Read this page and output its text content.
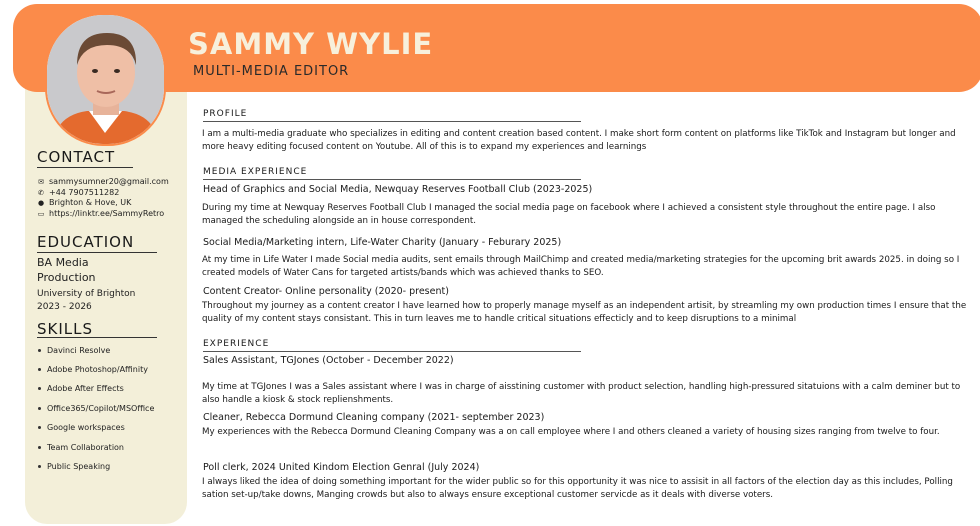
SAMMY WYLIE
MULTI-MEDIA EDITOR
CONTACT
✉ sammysumner20@gmail.com
✆ +44 7907511282
● Brighton & Hove, UK
▭ https://linktr.ee/SammyRetro
EDUCATION
BA Media
Production
University of Brighton
2023 - 2026
SKILLS
Davinci Resolve
Adobe Photoshop/Affinity
Adobe After Effects
Office365/Copilot/MSOffice
Google workspaces
Team Collaboration
Public Speaking
PROFILE
I am a multi-media graduate who specializes in editing and content creation based content. I make short form content on platforms like TikTok and Instagram but longer and more heavy editing focused content on Youtube. All of this is to expand my experiences and learnings
MEDIA EXPERIENCE
Head of Graphics and Social Media, Newquay Reserves Football Club (2023-2025)
During my time at Newquay Reserves Football Club I managed the social media page on facebook where I achieved a consistent style throughout the entire page. I also managed the scheduling alongside an in house correspondent.
Social Media/Marketing intern, Life-Water Charity (January - Feburary 2025)
At my time in Life Water I made Social media audits, sent emails through MailChimp and created media/marketing strategies for the upcoming brit awards 2025. in doing so I created models of Water Cans for targeted artists/bands which was achieved thanks to SEO.
Content Creator- Online personality (2020- present)
Throughout my journey as a content creator I have learned how to properly manage myself as an independent artisit, by streamling my own production times I ensure that the quality of my content stays consistant. This in turn leaves me to handle critical situations effecticly and to keep disruptions to a minimal
EXPERIENCE
Sales Assistant, TGJones (October - December 2022)
My time at TGJones I was a Sales assistant where I was in charge of aisstining customer with product selection, handling high-pressured sitatuions with a calm deminer but to also handle a kiosk & stock replienshments.
Cleaner, Rebecca Dormund Cleaning company (2021- september 2023)
My experiences with the Rebecca Dormund Cleaning Company was a on call employee where I and others cleaned a variety of housing sizes ranging from twelve to four.
Poll clerk, 2024 United Kindom Election Genral (July 2024)
I always liked the idea of doing something important for the wider public so for this opportunity it was nice to assisit in all factors of the election day as this includes, Polling sation set-up/take downs, Manging crowds but also to always ensure exceptional customer servicde as it deals with diverse voters.
